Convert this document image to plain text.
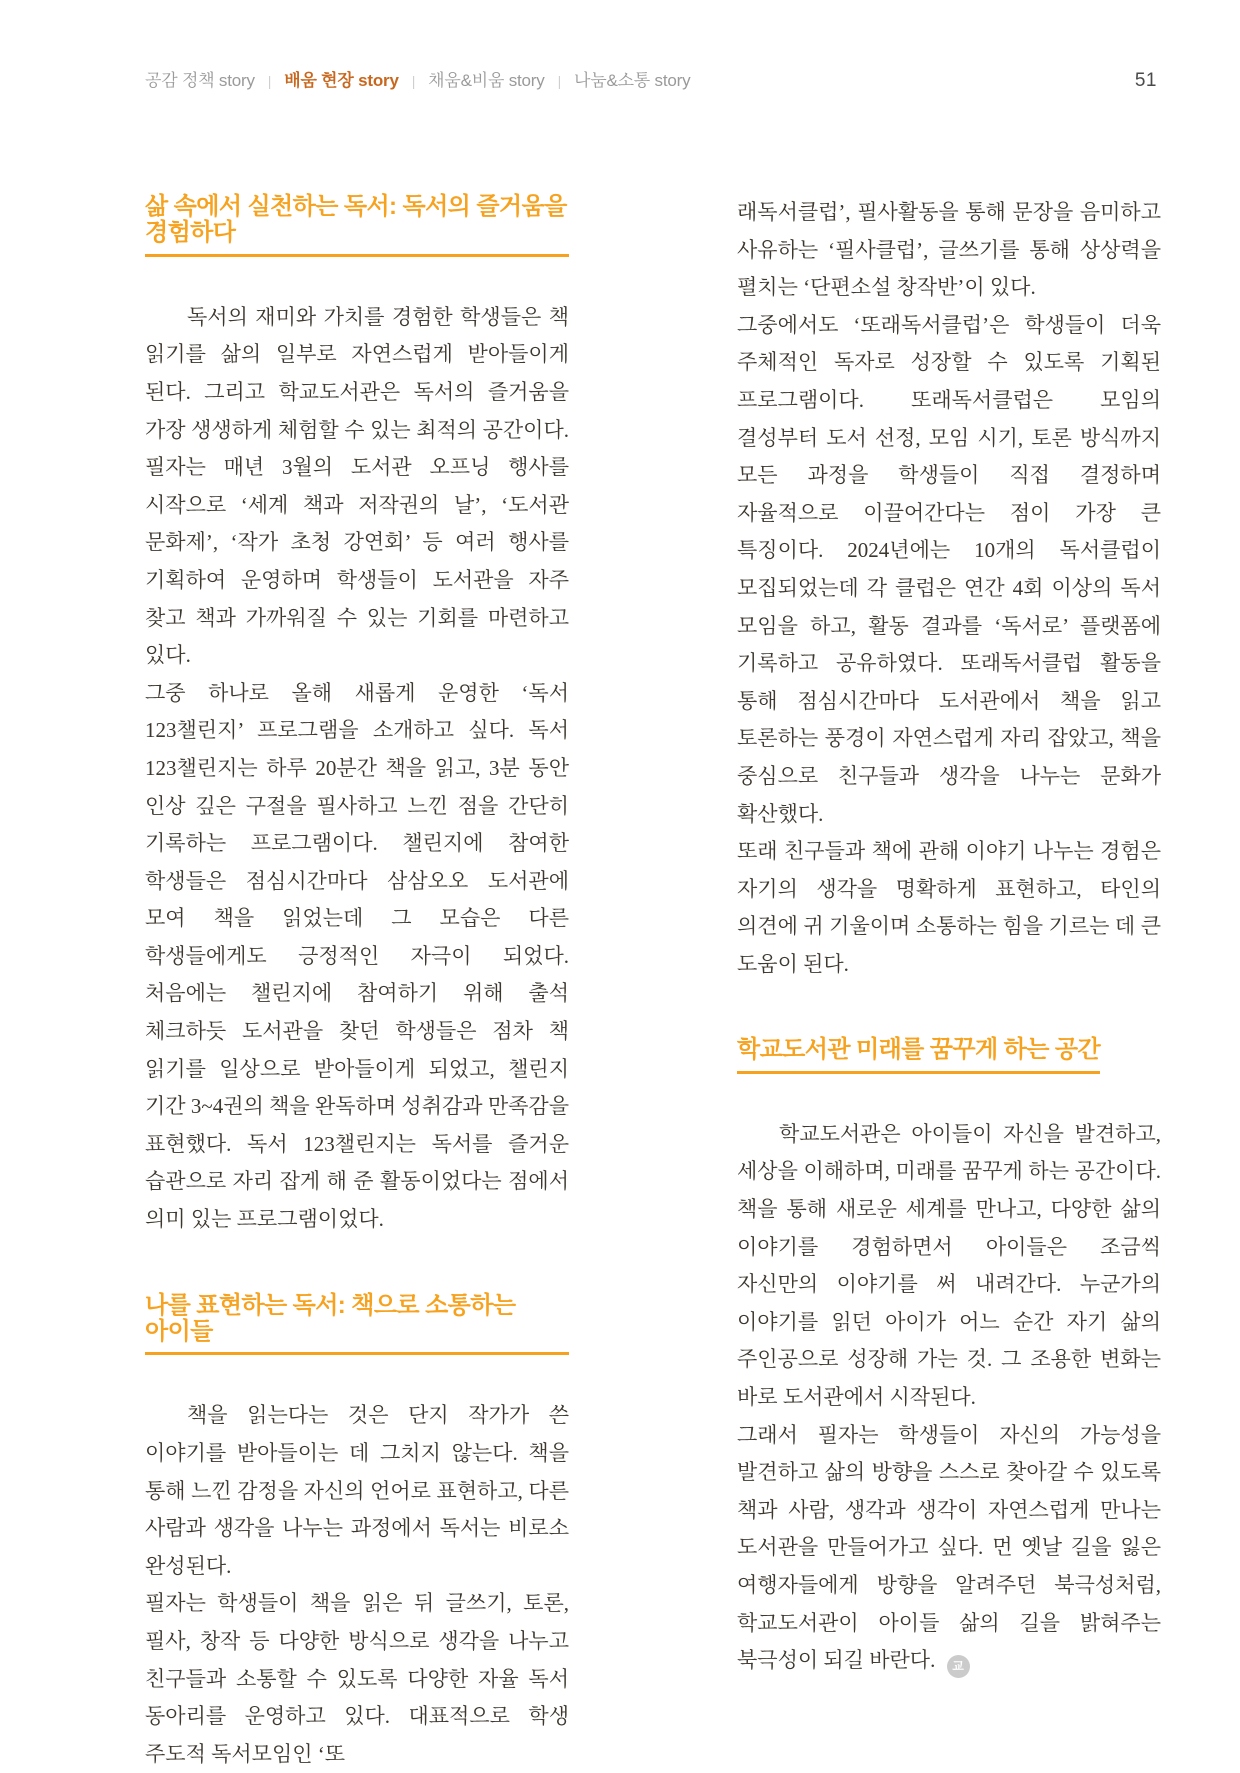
공감 정책 story | 배움 현장 story | 채움&비움 story | 나눔&소통 story	51
삶 속에서 실천하는 독서: 독서의 즐거움을 경험하다

독서의 재미와 가치를 경험한 학생들은 책 읽기를 삶의 일부로 자연스럽게 받아들이게 된다. 그리고 학교도서관은 독서의 즐거움을 가장 생생하게 체험할 수 있는 최적의 공간이다. 필자는 매년 3월의 도서관 오프닝 행사를 시작으로 ‘세계 책과 저작권의 날’, ‘도서관 문화제’, ‘작가 초청 강연회’ 등 여러 행사를 기획하여 운영하며 학생들이 도서관을 자주 찾고 책과 가까워질 수 있는 기회를 마련하고 있다.

그중 하나로 올해 새롭게 운영한 ‘독서 123챌린지’ 프로그램을 소개하고 싶다. 독서 123챌린지는 하루 20분간 책을 읽고, 3분 동안 인상 깊은 구절을 필사하고 느낀 점을 간단히 기록하는 프로그램이다. 챌린지에 참여한 학생들은 점심시간마다 삼삼오오 도서관에 모여 책을 읽었는데 그 모습은 다른 학생들에게도 긍정적인 자극이 되었다. 처음에는 챌린지에 참여하기 위해 출석 체크하듯 도서관을 찾던 학생들은 점차 책 읽기를 일상으로 받아들이게 되었고, 챌린지 기간 3~4권의 책을 완독하며 성취감과 만족감을 표현했다. 독서 123챌린지는 독서를 즐거운 습관으로 자리 잡게 해 준 활동이었다는 점에서 의미 있는 프로그램이었다.

나를 표현하는 독서: 책으로 소통하는 아이들

책을 읽는다는 것은 단지 작가가 쓴 이야기를 받아들이는 데 그치지 않는다. 책을 통해 느낀 감정을 자신의 언어로 표현하고, 다른 사람과 생각을 나누는 과정에서 독서는 비로소 완성된다.

필자는 학생들이 책을 읽은 뒤 글쓰기, 토론, 필사, 창작 등 다양한 방식으로 생각을 나누고 친구들과 소통할 수 있도록 다양한 자율 독서 동아리를 운영하고 있다. 대표적으로 학생 주도적 독서모임인 ‘또

래독서클럽’, 필사활동을 통해 문장을 음미하고 사유하는 ‘필사클럽’, 글쓰기를 통해 상상력을 펼치는 ‘단편소설 창작반’이 있다.

그중에서도 ‘또래독서클럽’은 학생들이 더욱 주체적인 독자로 성장할 수 있도록 기획된 프로그램이다. 또래독서클럽은 모임의 결성부터 도서 선정, 모임 시기, 토론 방식까지 모든 과정을 학생들이 직접 결정하며 자율적으로 이끌어간다는 점이 가장 큰 특징이다. 2024년에는 10개의 독서클럽이 모집되었는데 각 클럽은 연간 4회 이상의 독서 모임을 하고, 활동 결과를 ‘독서로’ 플랫폼에 기록하고 공유하였다. 또래독서클럽 활동을 통해 점심시간마다 도서관에서 책을 읽고 토론하는 풍경이 자연스럽게 자리 잡았고, 책을 중심으로 친구들과 생각을 나누는 문화가 확산했다.

또래 친구들과 책에 관해 이야기 나누는 경험은 자기의 생각을 명확하게 표현하고, 타인의 의견에 귀 기울이며 소통하는 힘을 기르는 데 큰 도움이 된다.

학교도서관 미래를 꿈꾸게 하는 공간

학교도서관은 아이들이 자신을 발견하고, 세상을 이해하며, 미래를 꿈꾸게 하는 공간이다. 책을 통해 새로운 세계를 만나고, 다양한 삶의 이야기를 경험하면서 아이들은 조금씩 자신만의 이야기를 써 내려간다. 누군가의 이야기를 읽던 아이가 어느 순간 자기 삶의 주인공으로 성장해 가는 것. 그 조용한 변화는 바로 도서관에서 시작된다.

그래서 필자는 학생들이 자신의 가능성을 발견하고 삶의 방향을 스스로 찾아갈 수 있도록 책과 사람, 생각과 생각이 자연스럽게 만나는 도서관을 만들어가고 싶다. 먼 옛날 길을 잃은 여행자들에게 방향을 알려주던 북극성처럼, 학교도서관이 아이들 삶의 길을 밝혀주는 북극성이 되길 바란다. 교
